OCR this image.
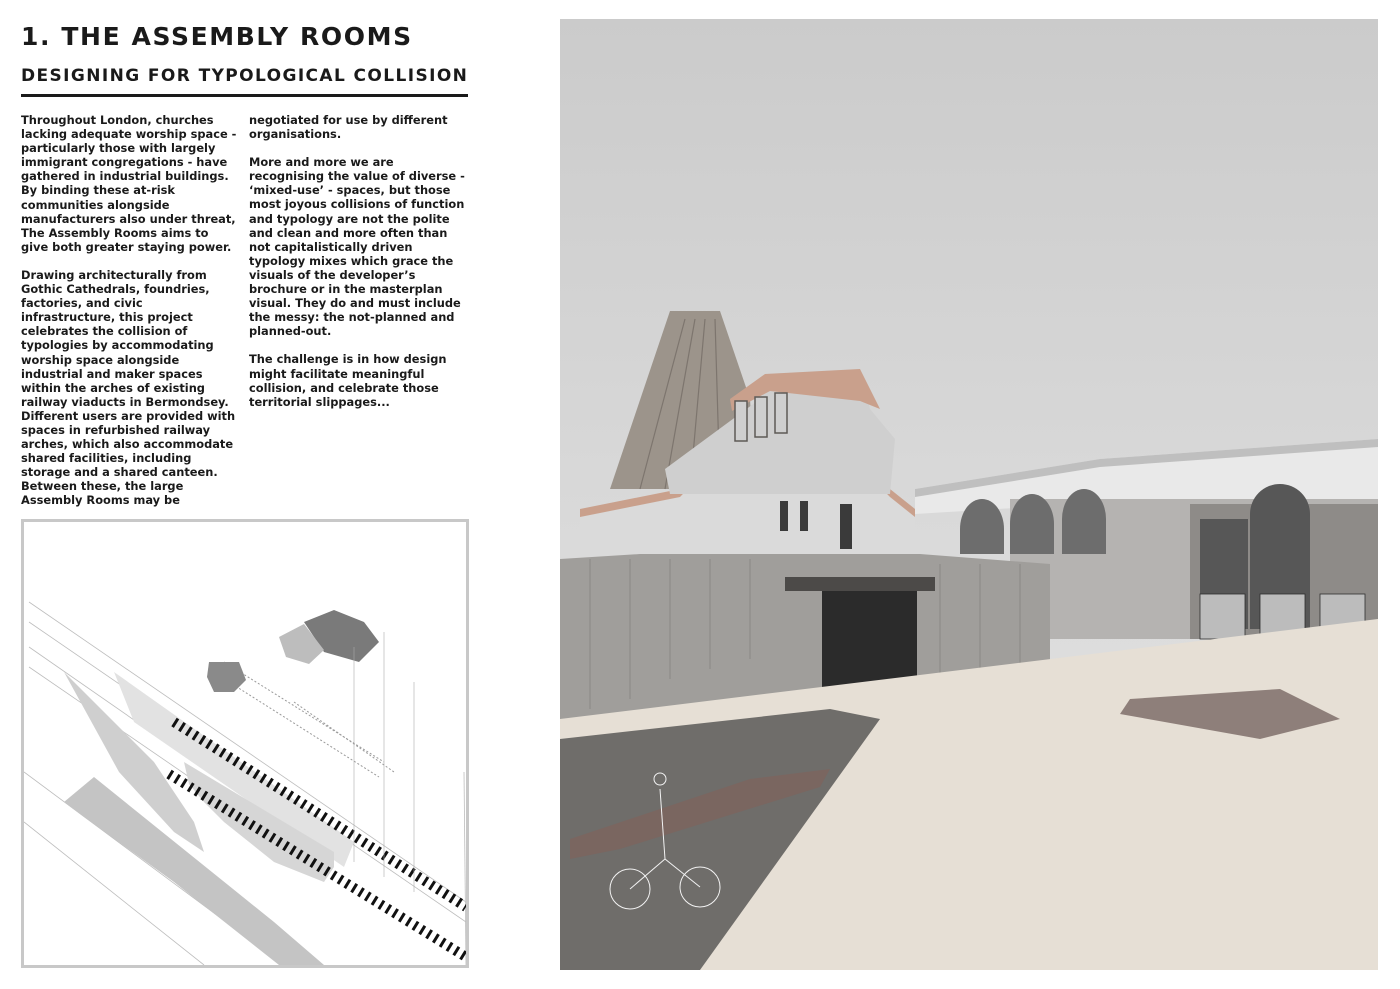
1. THE ASSEMBLY ROOMS
DESIGNING FOR TYPOLOGICAL COLLISION

Throughout London, churches lacking adequate worship space - particularly those with largely immigrant congregations - have gathered in industrial buildings. By binding these at-risk communities alongside manufacturers also under threat, The Assembly Rooms aims to give both greater staying power.

Drawing architecturally from Gothic Cathedrals, foundries, factories, and civic infrastructure, this project celebrates the collision of typologies by accommodating worship space alongside industrial and maker spaces within the arches of existing railway viaducts in Bermondsey. Different users are provided with spaces in refurbished railway arches, which also accommodate shared facilities, including storage and a shared canteen. Between these, the large Assembly Rooms may be

negotiated for use by different organisations.

More and more we are recognising the value of diverse - ‘mixed-use’ - spaces, but those most joyous collisions of function and typology are not the polite and clean and more often than not capitalistically driven typology mixes which grace the visuals of the developer’s brochure or in the masterplan visual. They do and must include the messy: the not-planned and planned-out.

The challenge is in how design might facilitate meaningful collision, and celebrate those territorial slippages...
